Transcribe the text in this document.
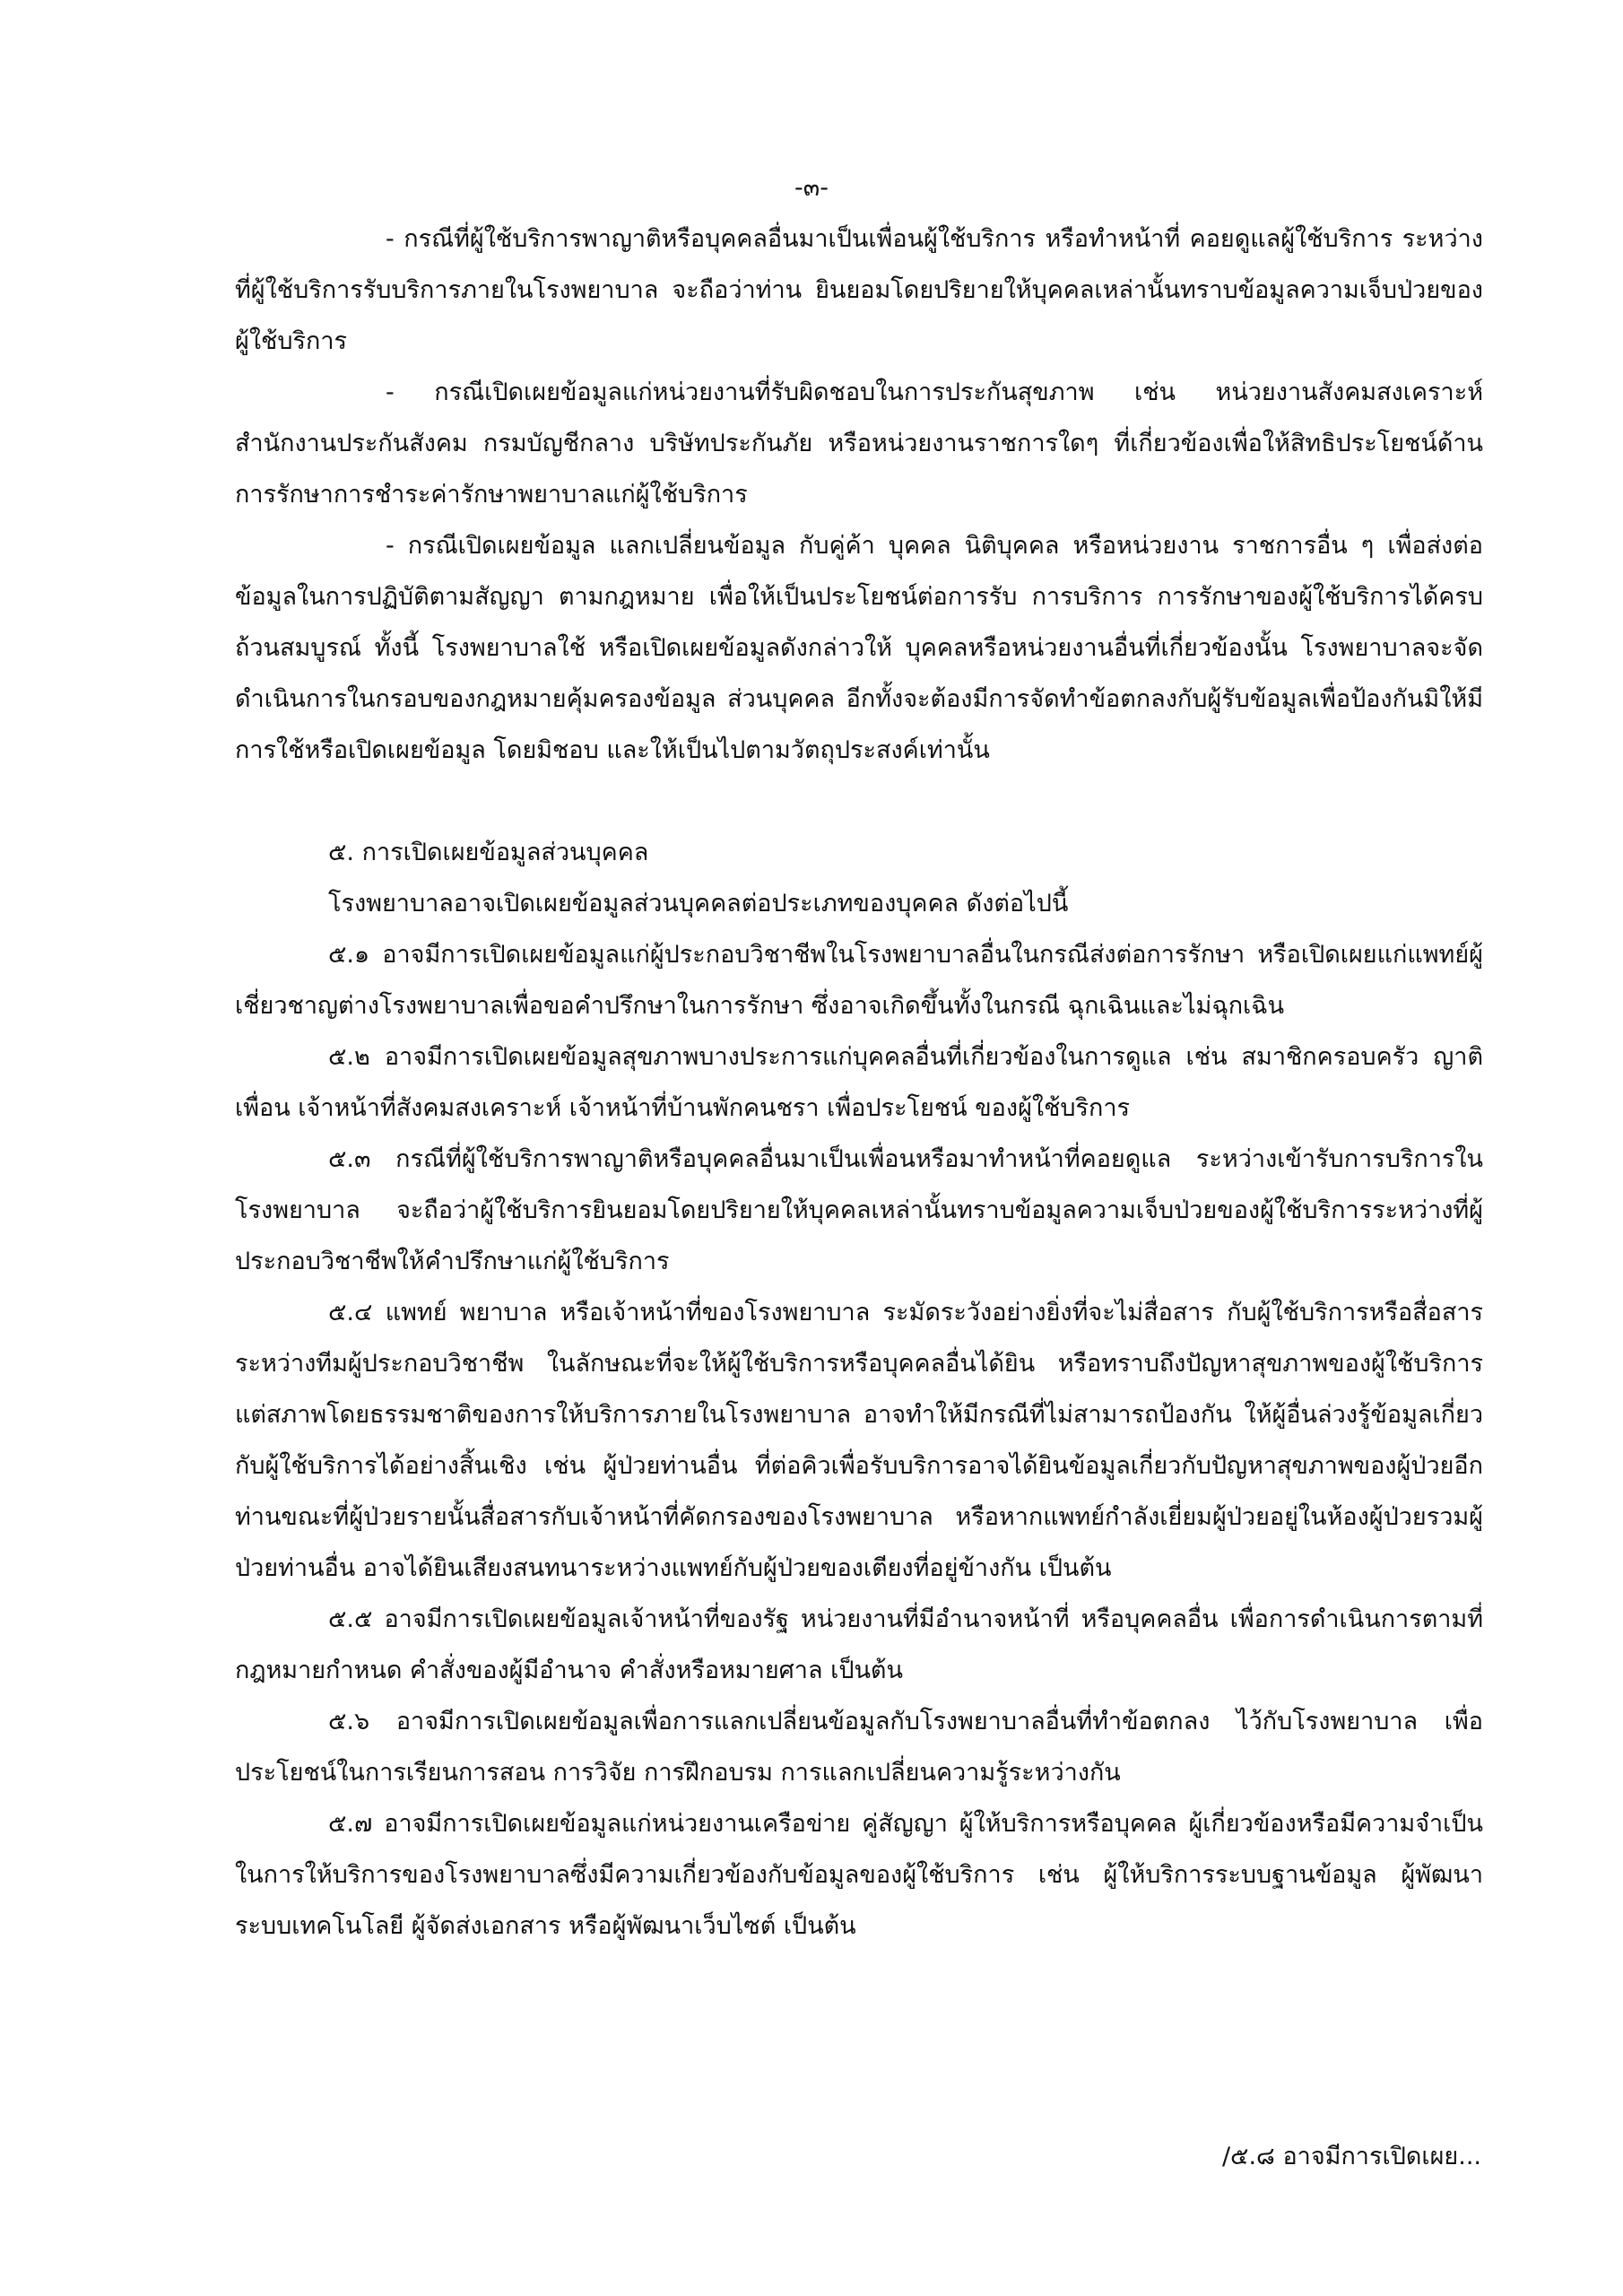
-๓-

- กรณีที่ผู้ใช้บริการพาญาติหรือบุคคลอื่นมาเป็นเพื่อนผู้ใช้บริการ หรือทำหน้าที่ คอยดูแลผู้ใช้บริการ ระหว่างที่ผู้ใช้บริการรับบริการภายในโรงพยาบาล จะถือว่าท่าน ยินยอมโดยปริยายให้บุคคลเหล่านั้นทราบข้อมูลความเจ็บป่วยของผู้ใช้บริการ

- กรณีเปิดเผยข้อมูลแก่หน่วยงานที่รับผิดชอบในการประกันสุขภาพ เช่น หน่วยงานสังคมสงเคราะห์ สำนักงานประกันสังคม กรมบัญชีกลาง บริษัทประกันภัย หรือหน่วยงานราชการใดๆ ที่เกี่ยวข้องเพื่อให้สิทธิประโยชน์ด้านการรักษาการชำระค่ารักษาพยาบาลแก่ผู้ใช้บริการ

- กรณีเปิดเผยข้อมูล แลกเปลี่ยนข้อมูล กับคู่ค้า บุคคล นิติบุคคล หรือหน่วยงาน ราชการอื่น ๆ เพื่อส่งต่อข้อมูลในการปฏิบัติตามสัญญา ตามกฎหมาย เพื่อให้เป็นประโยชน์ต่อการรับ การบริการ การรักษาของผู้ใช้บริการได้ครบถ้วนสมบูรณ์ ทั้งนี้ โรงพยาบาลใช้ หรือเปิดเผยข้อมูลดังกล่าวให้ บุคคลหรือหน่วยงานอื่นที่เกี่ยวข้องนั้น โรงพยาบาลจะจัดดำเนินการในกรอบของกฎหมายคุ้มครองข้อมูล ส่วนบุคคล อีกทั้งจะต้องมีการจัดทำข้อตกลงกับผู้รับข้อมูลเพื่อป้องกันมิให้มีการใช้หรือเปิดเผยข้อมูล โดยมิชอบ และให้เป็นไปตามวัตถุประสงค์เท่านั้น

๕. การเปิดเผยข้อมูลส่วนบุคคล

โรงพยาบาลอาจเปิดเผยข้อมูลส่วนบุคคลต่อประเภทของบุคคล ดังต่อไปนี้

๕.๑ อาจมีการเปิดเผยข้อมูลแก่ผู้ประกอบวิชาชีพในโรงพยาบาลอื่นในกรณีส่งต่อการรักษา หรือเปิดเผยแก่แพทย์ผู้เชี่ยวชาญต่างโรงพยาบาลเพื่อขอคำปรึกษาในการรักษา ซึ่งอาจเกิดขึ้นทั้งในกรณี ฉุกเฉินและไม่ฉุกเฉิน

๕.๒ อาจมีการเปิดเผยข้อมูลสุขภาพบางประการแก่บุคคลอื่นที่เกี่ยวข้องในการดูแล เช่น สมาชิกครอบครัว ญาติ เพื่อน เจ้าหน้าที่สังคมสงเคราะห์ เจ้าหน้าที่บ้านพักคนชรา เพื่อประโยชน์ ของผู้ใช้บริการ

๕.๓ กรณีที่ผู้ใช้บริการพาญาติหรือบุคคลอื่นมาเป็นเพื่อนหรือมาทำหน้าที่คอยดูแล ระหว่างเข้ารับการบริการในโรงพยาบาล จะถือว่าผู้ใช้บริการยินยอมโดยปริยายให้บุคคลเหล่านั้นทราบข้อมูลความเจ็บป่วยของผู้ใช้บริการระหว่างที่ผู้ประกอบวิชาชีพให้คำปรึกษาแก่ผู้ใช้บริการ

๕.๔ แพทย์ พยาบาล หรือเจ้าหน้าที่ของโรงพยาบาล ระมัดระวังอย่างยิ่งที่จะไม่สื่อสาร กับผู้ใช้บริการหรือสื่อสารระหว่างทีมผู้ประกอบวิชาชีพ ในลักษณะที่จะให้ผู้ใช้บริการหรือบุคคลอื่นได้ยิน หรือทราบถึงปัญหาสุขภาพของผู้ใช้บริการ แต่สภาพโดยธรรมชาติของการให้บริการภายในโรงพยาบาล อาจทำให้มีกรณีที่ไม่สามารถป้องกัน ให้ผู้อื่นล่วงรู้ข้อมูลเกี่ยวกับผู้ใช้บริการได้อย่างสิ้นเชิง เช่น ผู้ป่วยท่านอื่น ที่ต่อคิวเพื่อรับบริการอาจได้ยินข้อมูลเกี่ยวกับปัญหาสุขภาพของผู้ป่วยอีกท่านขณะที่ผู้ป่วยรายนั้นสื่อสารกับเจ้าหน้าที่คัดกรองของโรงพยาบาล หรือหากแพทย์กำลังเยี่ยมผู้ป่วยอยู่ในห้องผู้ป่วยรวมผู้ป่วยท่านอื่น อาจได้ยินเสียงสนทนาระหว่างแพทย์กับผู้ป่วยของเตียงที่อยู่ข้างกัน เป็นต้น

๕.๕ อาจมีการเปิดเผยข้อมูลเจ้าหน้าที่ของรัฐ หน่วยงานที่มีอำนาจหน้าที่ หรือบุคคลอื่น เพื่อการดำเนินการตามที่กฎหมายกำหนด คำสั่งของผู้มีอำนาจ คำสั่งหรือหมายศาล เป็นต้น

๕.๖ อาจมีการเปิดเผยข้อมูลเพื่อการแลกเปลี่ยนข้อมูลกับโรงพยาบาลอื่นที่ทำข้อตกลง ไว้กับโรงพยาบาล เพื่อประโยชน์ในการเรียนการสอน การวิจัย การฝึกอบรม การแลกเปลี่ยนความรู้ระหว่างกัน

๕.๗ อาจมีการเปิดเผยข้อมูลแก่หน่วยงานเครือข่าย คู่สัญญา ผู้ให้บริการหรือบุคคล ผู้เกี่ยวข้องหรือมีความจำเป็นในการให้บริการของโรงพยาบาลซึ่งมีความเกี่ยวข้องกับข้อมูลของผู้ใช้บริการ เช่น ผู้ให้บริการระบบฐานข้อมูล ผู้พัฒนาระบบเทคโนโลยี ผู้จัดส่งเอกสาร หรือผู้พัฒนาเว็บไซต์ เป็นต้น

/๕.๘ อาจมีการเปิดเผย...
